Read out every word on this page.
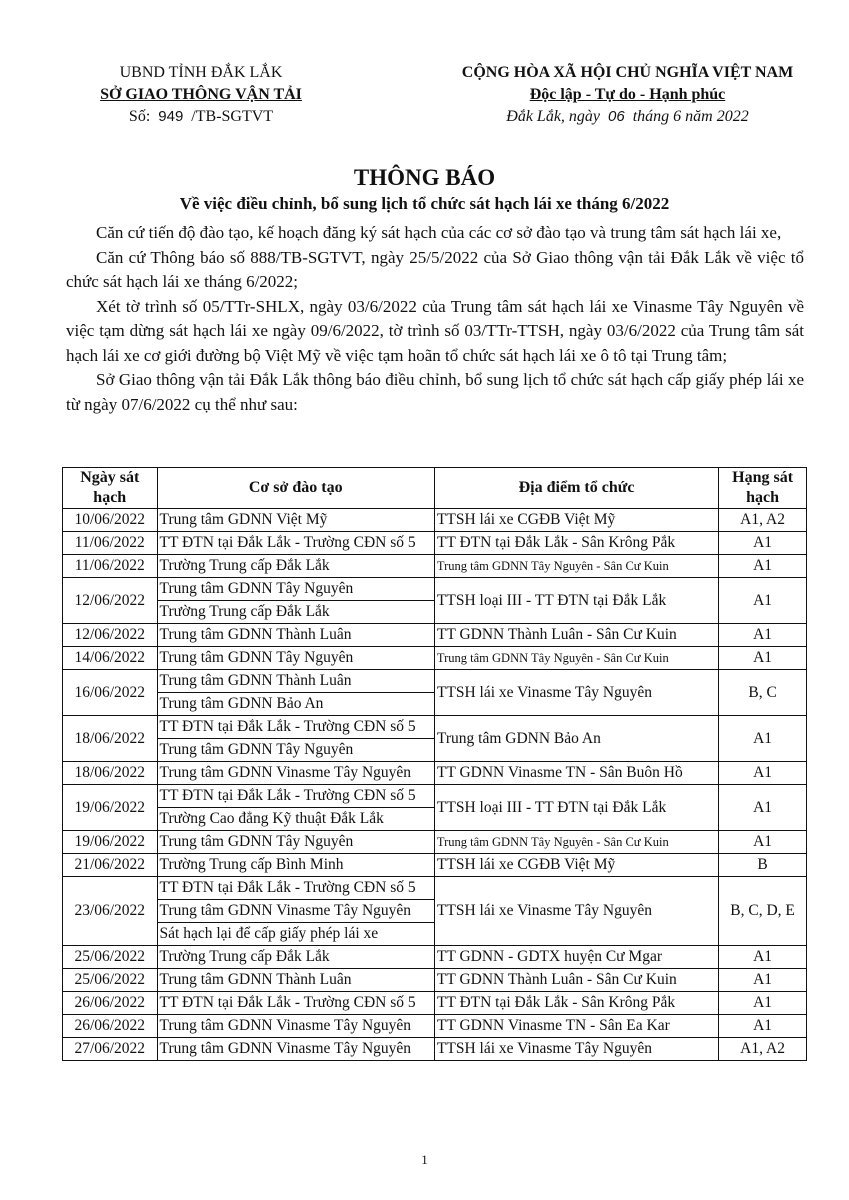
UBND TỈNH ĐẮK LẮK
SỞ GIAO THÔNG VẬN TẢI
Số: 949 /TB-SGTVT
CỘNG HÒA XÃ HỘI CHỦ NGHĨA VIỆT NAM
Độc lập - Tự do - Hạnh phúc
Đắk Lắk, ngày 06 tháng 6 năm 2022
THÔNG BÁO
Về việc điều chỉnh, bổ sung lịch tổ chức sát hạch lái xe tháng 6/2022

Căn cứ tiến độ đào tạo, kế hoạch đăng ký sát hạch của các cơ sở đào tạo và trung tâm sát hạch lái xe,

Căn cứ Thông báo số 888/TB-SGTVT, ngày 25/5/2022 của Sở Giao thông vận tải Đắk Lắk về việc tổ chức sát hạch lái xe tháng 6/2022;

Xét tờ trình số 05/TTr-SHLX, ngày 03/6/2022 của Trung tâm sát hạch lái xe Vinasme Tây Nguyên về việc tạm dừng sát hạch lái xe ngày 09/6/2022, tờ trình số 03/TTr-TTSH, ngày 03/6/2022 của Trung tâm sát hạch lái xe cơ giới đường bộ Việt Mỹ về việc tạm hoãn tổ chức sát hạch lái xe ô tô tại Trung tâm;

Sở Giao thông vận tải Đắk Lắk thông báo điều chỉnh, bổ sung lịch tổ chức sát hạch cấp giấy phép lái xe từ ngày 07/6/2022 cụ thể như sau:

Ngày sát hạch	Cơ sở đào tạo	Địa điểm tổ chức	Hạng sát hạch
10/06/2022	Trung tâm GDNN Việt Mỹ	TTSH lái xe CGĐB Việt Mỹ	A1, A2
11/06/2022	TT ĐTN tại Đắk Lắk - Trường CĐN số 5	TT ĐTN tại Đắk Lắk - Sân Krông Pắk	A1
11/06/2022	Trường Trung cấp Đắk Lắk	Trung tâm GDNN Tây Nguyên - Sân Cư Kuin	A1
12/06/2022	Trung tâm GDNN Tây Nguyên	TTSH loại III - TT ĐTN tại Đắk Lắk	A1
	Trường Trung cấp Đắk Lắk		
12/06/2022	Trung tâm GDNN Thành Luân	TT GDNN Thành Luân - Sân Cư Kuin	A1
14/06/2022	Trung tâm GDNN Tây Nguyên	Trung tâm GDNN Tây Nguyên - Sân Cư Kuin	A1
16/06/2022	Trung tâm GDNN Thành Luân	TTSH lái xe Vinasme Tây Nguyên	B, C
	Trung tâm GDNN Bảo An		
18/06/2022	TT ĐTN tại Đắk Lắk - Trường CĐN số 5	Trung tâm GDNN Bảo An	A1
	Trung tâm GDNN Tây Nguyên		
18/06/2022	Trung tâm GDNN Vinasme Tây Nguyên	TT GDNN Vinasme TN - Sân Buôn Hồ	A1
19/06/2022	TT ĐTN tại Đắk Lắk - Trường CĐN số 5	TTSH loại III - TT ĐTN tại Đắk Lắk	A1
	Trường Cao đẳng Kỹ thuật Đắk Lắk		
19/06/2022	Trung tâm GDNN Tây Nguyên	Trung tâm GDNN Tây Nguyên - Sân Cư Kuin	A1
21/06/2022	Trường Trung cấp Bình Minh	TTSH lái xe CGĐB Việt Mỹ	B
23/06/2022	TT ĐTN tại Đắk Lắk - Trường CĐN số 5	TTSH lái xe Vinasme Tây Nguyên	B, C, D, E
	Trung tâm GDNN Vinasme Tây Nguyên		
	Sát hạch lại để cấp giấy phép lái xe		
25/06/2022	Trường Trung cấp Đắk Lắk	TT GDNN - GDTX huyện Cư Mgar	A1
25/06/2022	Trung tâm GDNN Thành Luân	TT GDNN Thành Luân - Sân Cư Kuin	A1
26/06/2022	TT ĐTN tại Đắk Lắk - Trường CĐN số 5	TT ĐTN tại Đắk Lắk - Sân Krông Pắk	A1
26/06/2022	Trung tâm GDNN Vinasme Tây Nguyên	TT GDNN Vinasme TN - Sân Ea Kar	A1
27/06/2022	Trung tâm GDNN Vinasme Tây Nguyên	TTSH lái xe Vinasme Tây Nguyên	A1, A2
1
